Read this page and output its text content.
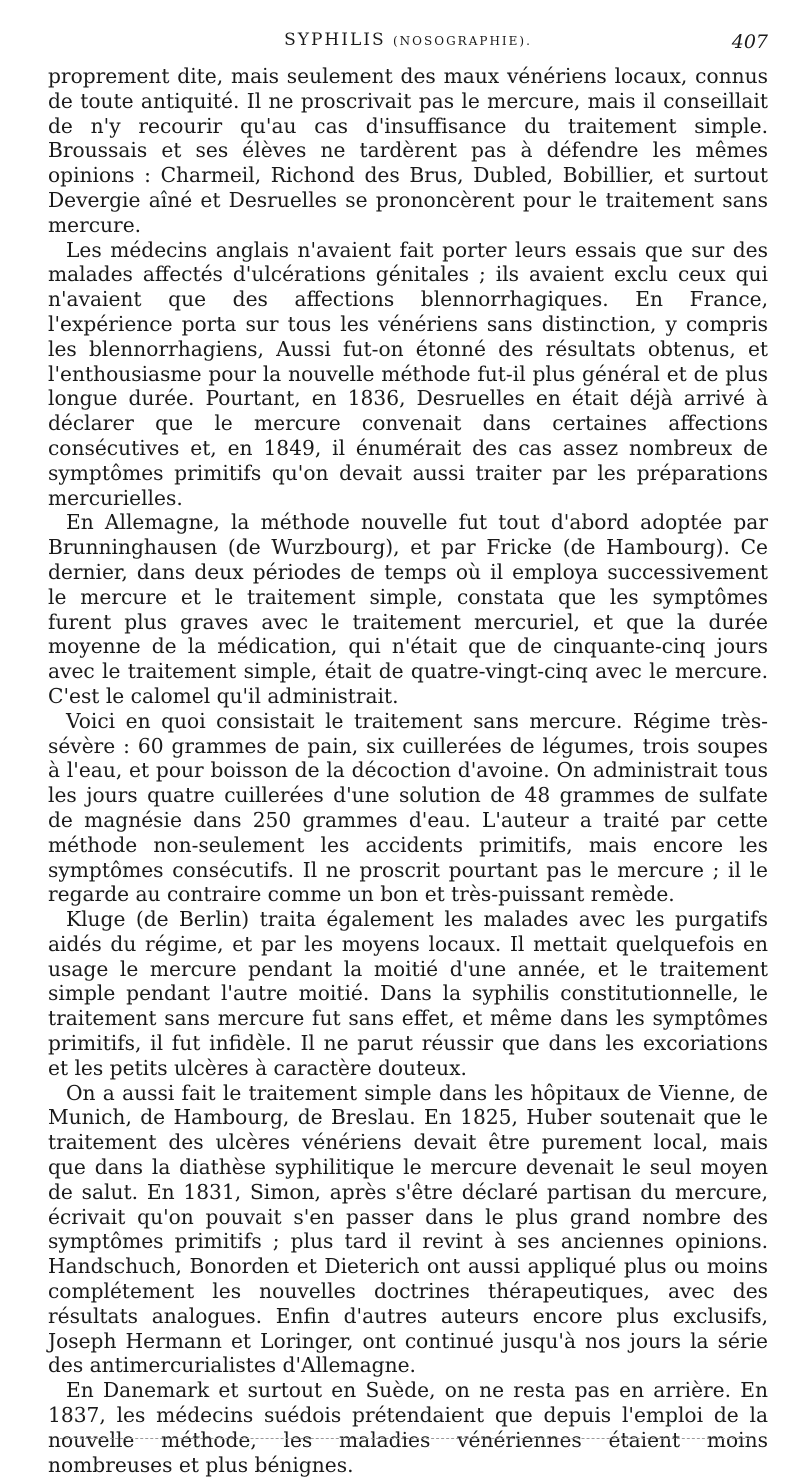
SYPHILIS (NOSOGRAPHIE).	407

proprement dite, mais seulement des maux vénériens locaux, connus de toute antiquité. Il ne proscrivait pas le mercure, mais il conseillait de n'y recourir qu'au cas d'insuffisance du traitement simple. Broussais et ses élèves ne tardèrent pas à défendre les mêmes opinions : Charmeil, Richond des Brus, Dubled, Bobillier, et surtout Devergie aîné et Desruelles se prononcèrent pour le traitement sans mercure.

Les médecins anglais n'avaient fait porter leurs essais que sur des malades affectés d'ulcérations génitales ; ils avaient exclu ceux qui n'avaient que des affections blennorrhagiques. En France, l'expérience porta sur tous les vénériens sans distinction, y compris les blennorrhagiens, Aussi fut-on étonné des résultats obtenus, et l'enthousiasme pour la nouvelle méthode fut-il plus général et de plus longue durée. Pourtant, en 1836, Desruelles en était déjà arrivé à déclarer que le mercure convenait dans certaines affections consécutives et, en 1849, il énumérait des cas assez nombreux de symptômes primitifs qu'on devait aussi traiter par les préparations mercurielles.

En Allemagne, la méthode nouvelle fut tout d'abord adoptée par Brunninghausen (de Wurzbourg), et par Fricke (de Hambourg). Ce dernier, dans deux périodes de temps où il employa successivement le mercure et le traitement simple, constata que les symptômes furent plus graves avec le traitement mercuriel, et que la durée moyenne de la médication, qui n'était que de cinquante-cinq jours avec le traitement simple, était de quatre-vingt-cinq avec le mercure. C'est le calomel qu'il administrait.

Voici en quoi consistait le traitement sans mercure. Régime très-sévère : 60 grammes de pain, six cuillerées de légumes, trois soupes à l'eau, et pour boisson de la décoction d'avoine. On administrait tous les jours quatre cuillerées d'une solution de 48 grammes de sulfate de magnésie dans 250 grammes d'eau. L'auteur a traité par cette méthode non-seulement les accidents primitifs, mais encore les symptômes consécutifs. Il ne proscrit pourtant pas le mercure ; il le regarde au contraire comme un bon et très-puissant remède.

Kluge (de Berlin) traita également les malades avec les purgatifs aidés du régime, et par les moyens locaux. Il mettait quelquefois en usage le mercure pendant la moitié d'une année, et le traitement simple pendant l'autre moitié. Dans la syphilis constitutionnelle, le traitement sans mercure fut sans effet, et même dans les symptômes primitifs, il fut infidèle. Il ne parut réussir que dans les excoriations et les petits ulcères à caractère douteux.

On a aussi fait le traitement simple dans les hôpitaux de Vienne, de Munich, de Hambourg, de Breslau. En 1825, Huber soutenait que le traitement des ulcères vénériens devait être purement local, mais que dans la diathèse syphilitique le mercure devenait le seul moyen de salut. En 1831, Simon, après s'être déclaré partisan du mercure, écrivait qu'on pouvait s'en passer dans le plus grand nombre des symptômes primitifs ; plus tard il revint à ses anciennes opinions. Handschuch, Bonorden et Dieterich ont aussi appliqué plus ou moins complétement les nouvelles doctrines thérapeutiques, avec des résultats analogues. Enfin d'autres auteurs encore plus exclusifs, Joseph Hermann et Loringer, ont continué jusqu'à nos jours la série des antimercurialistes d'Allemagne.

En Danemark et surtout en Suède, on ne resta pas en arrière. En 1837, les médecins suédois prétendaient que depuis l'emploi de la nouvelle méthode, les maladies vénériennes étaient moins nombreuses et plus bénignes.
